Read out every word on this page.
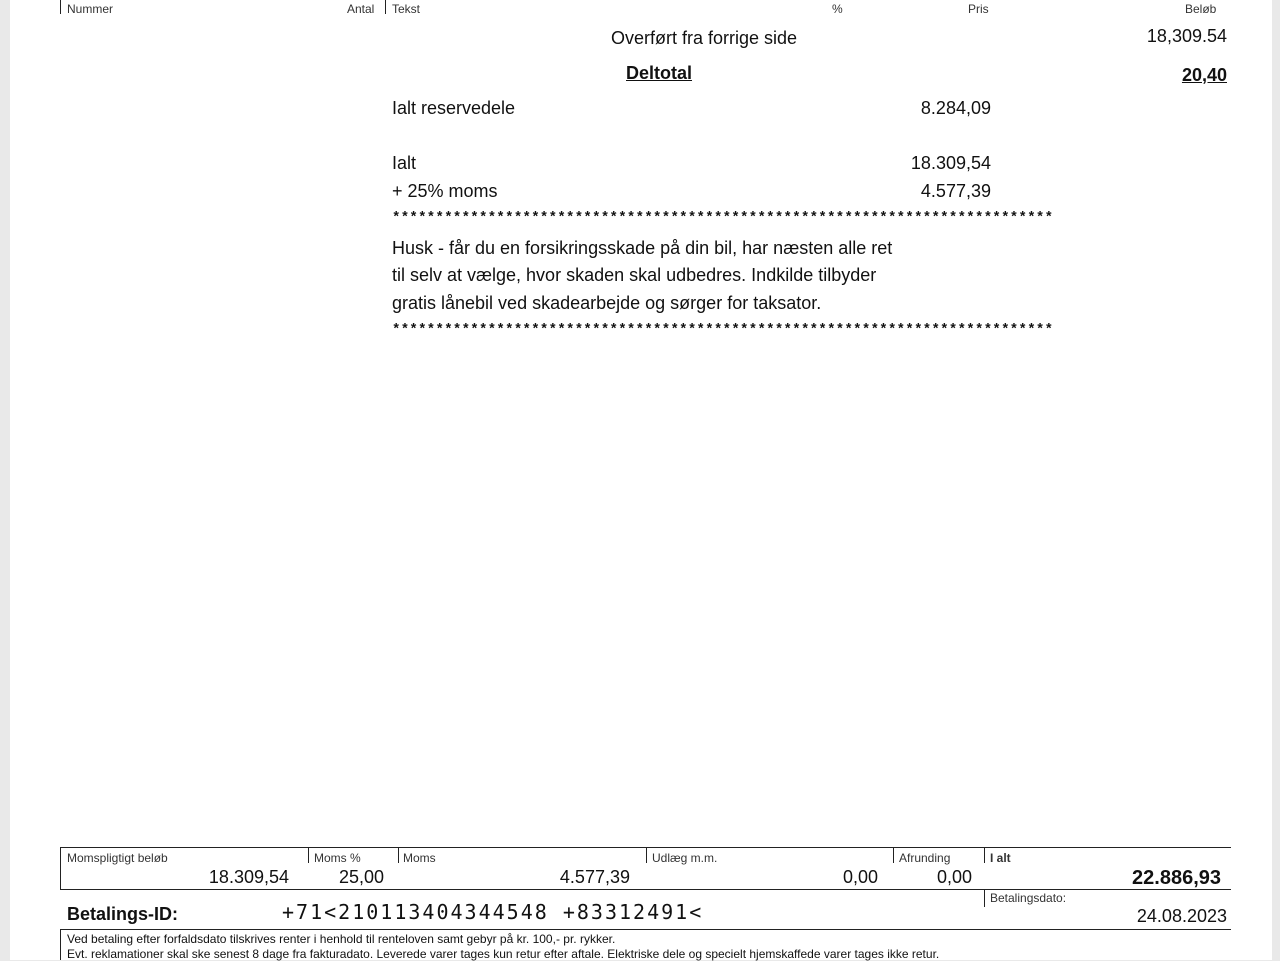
Nummer	Antal Tekst	%	Pris	Beløb
Overført fra forrige side	18,309.54
Deltotal	20,40
Ialt reservedele	8.284,09
Ialt	18.309,54
+ 25% moms	4.577,39
****************************************************************************
Husk - får du en forsikringsskade på din bil, har næsten alle ret
til selv at vælge, hvor skaden skal udbedres. Indkilde tilbyder
gratis lånebil ved skadearbejde og sørger for taksator.
****************************************************************************
Momspligtigt beløb	Moms %	Moms	Udlæg m.m.	Afrunding	I alt
18.309,54	25,00	4.577,39	0,00	0,00	22.886,93
Betalings-ID:	+71<210113404344548 +83312491<
Betalingsdato:
24.08.2023
Ved betaling efter forfaldsdato tilskrives renter i henhold til renteloven samt gebyr på kr. 100,- pr. rykker.
Evt. reklamationer skal ske senest 8 dage fra fakturadato. Leverede varer tages kun retur efter aftale. Elektriske dele og specielt hjemskaffede varer tages ikke retur.
